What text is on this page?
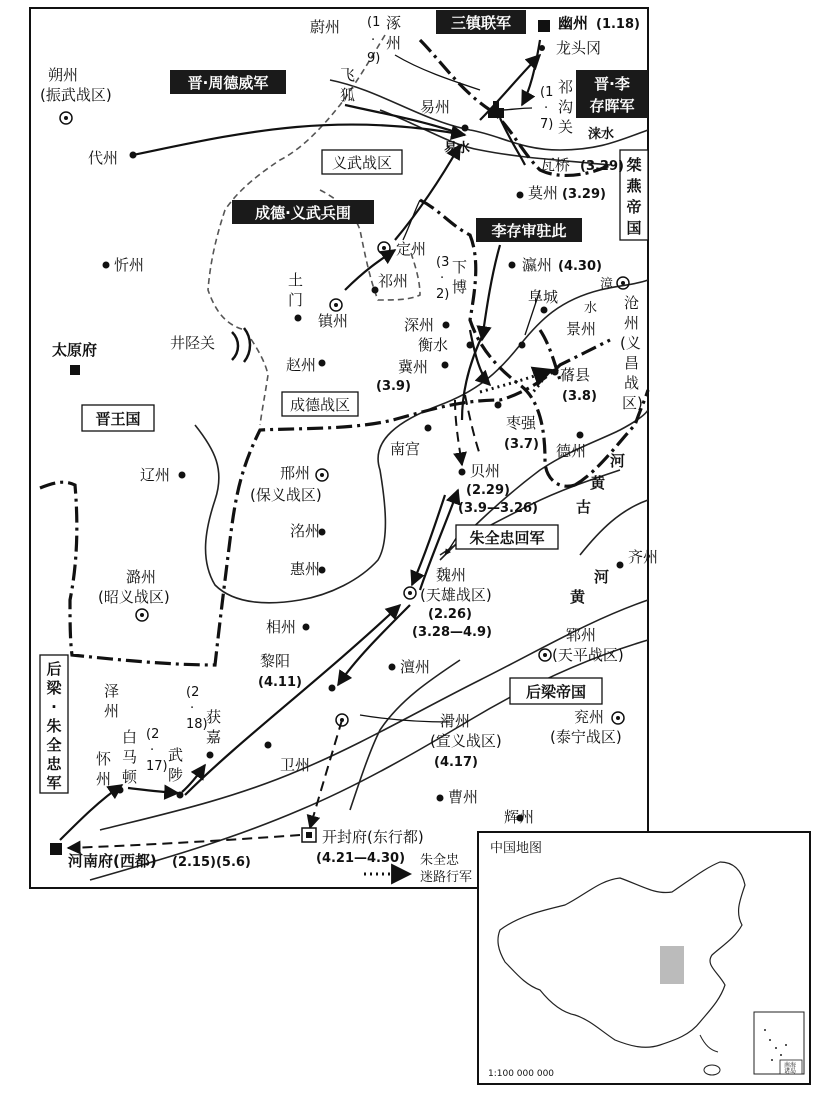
三镇联军
晋·周德威军	晋·李
存晖军
成德·义武兵围
李存审驻此
义武战区	桀
燕
帝
国
成德战区
晋王国
朱全忠回军
后梁帝国
后
梁
·
朱
全
忠
军
蔚州	涿
州
(1
·
9)
幽州 (1.18)
龙头冈
朔州
(振武战区)
飞
狐
易州
祁
沟
关
(1
·
7)
涞水
代州
易水
瓦桥 (3.29)
莫州 (3.29)
定州
(3
·
2)
下
博
瀛州 (4.30)
忻州
土
门
祁州	漳
沧
州
(义
昌
战
区)
镇州
阜城
水
景州
井陉关
深州
衡水
太原府
赵州	冀州
(3.9)
蓨县
(3.8)
枣强
(3.7)
南宫	德州
河
黄
古
辽州	邢州
(保义战区)
贝州
(2.29)
(3.9—3.26)
洺州
齐州
潞州
(昭义战区)
惠州	魏州
(天雄战区)
(2.26)
(3.28—4.9)
河
黄
相州	郓州
(天平战区)
黎阳
(4.11)
澶州
泽
州
(2
·
18)
获
嘉
滑州
(宣义战区)
(4.17)
兖州
(泰宁战区)
白
马
顿
(2
·
17)
武
陟
怀
州
卫州
曹州
辉州
开封府(东行都)
(4.21—4.30)
河南府(西都) (2.15)(5.6)	朱全忠
迷路行军
中国地图
南海
诸岛
1:100 000 000
